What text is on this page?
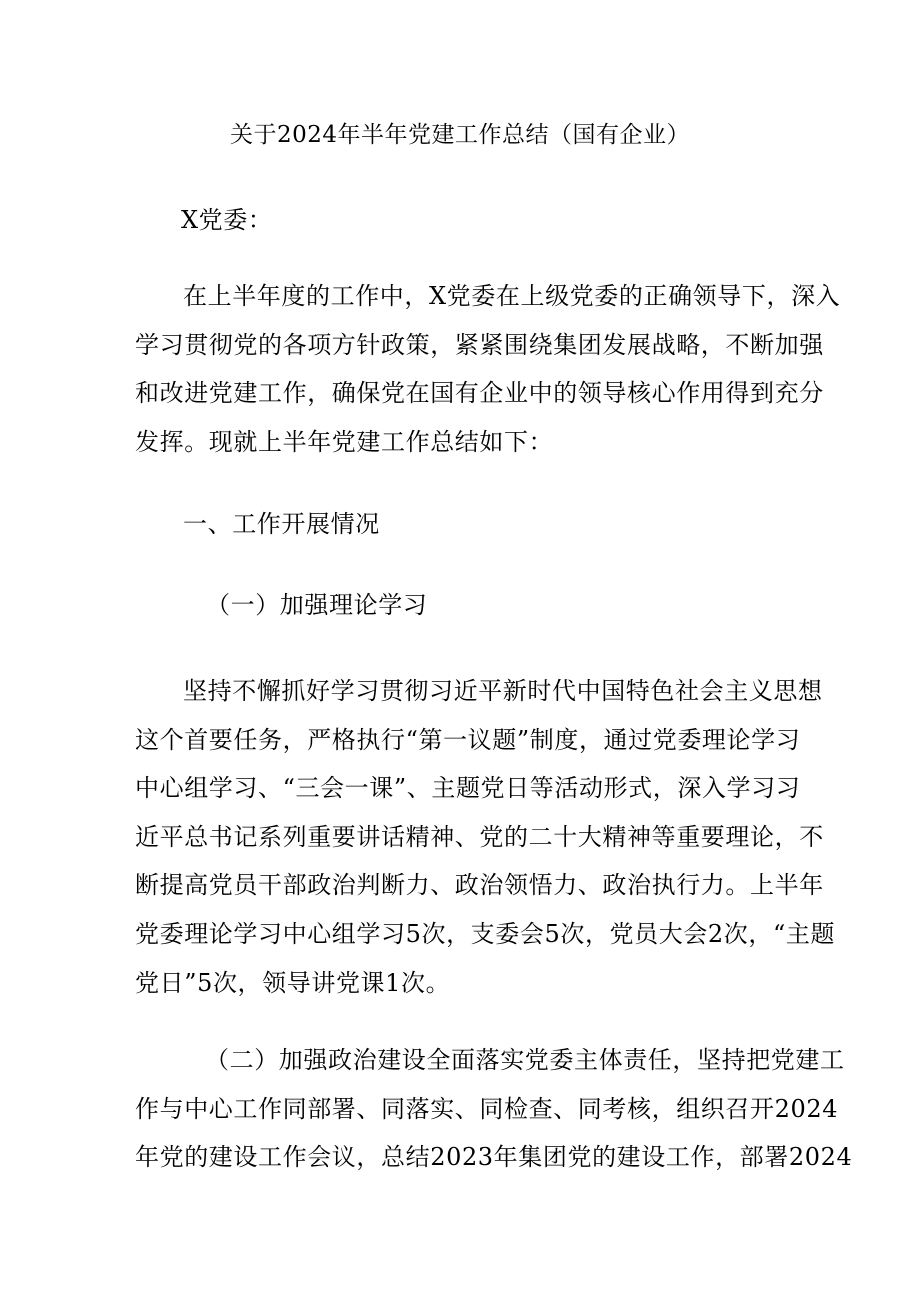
关于2024年半年党建工作总结（国有企业）
X党委：
在上半年度的工作中，X党委在上级党委的正确领导下，深入
学习贯彻党的各项方针政策，紧紧围绕集团发展战略，不断加强
和改进党建工作，确保党在国有企业中的领导核心作用得到充分
发挥。现就上半年党建工作总结如下：
一、工作开展情况
（一）加强理论学习
坚持不懈抓好学习贯彻习近平新时代中国特色社会主义思想
这个首要任务，严格执行“第一议题”制度，通过党委理论学习
中心组学习、“三会一课”、主题党日等活动形式，深入学习习
近平总书记系列重要讲话精神、党的二十大精神等重要理论，不
断提高党员干部政治判断力、政治领悟力、政治执行力。上半年
党委理论学习中心组学习5次，支委会5次，党员大会2次，“主题
党日”5次，领导讲党课1次。
（二）加强政治建设全面落实党委主体责任，坚持把党建工
作与中心工作同部署、同落实、同检查、同考核，组织召开2024
年党的建设工作会议，总结2023年集团党的建设工作，部署2024
